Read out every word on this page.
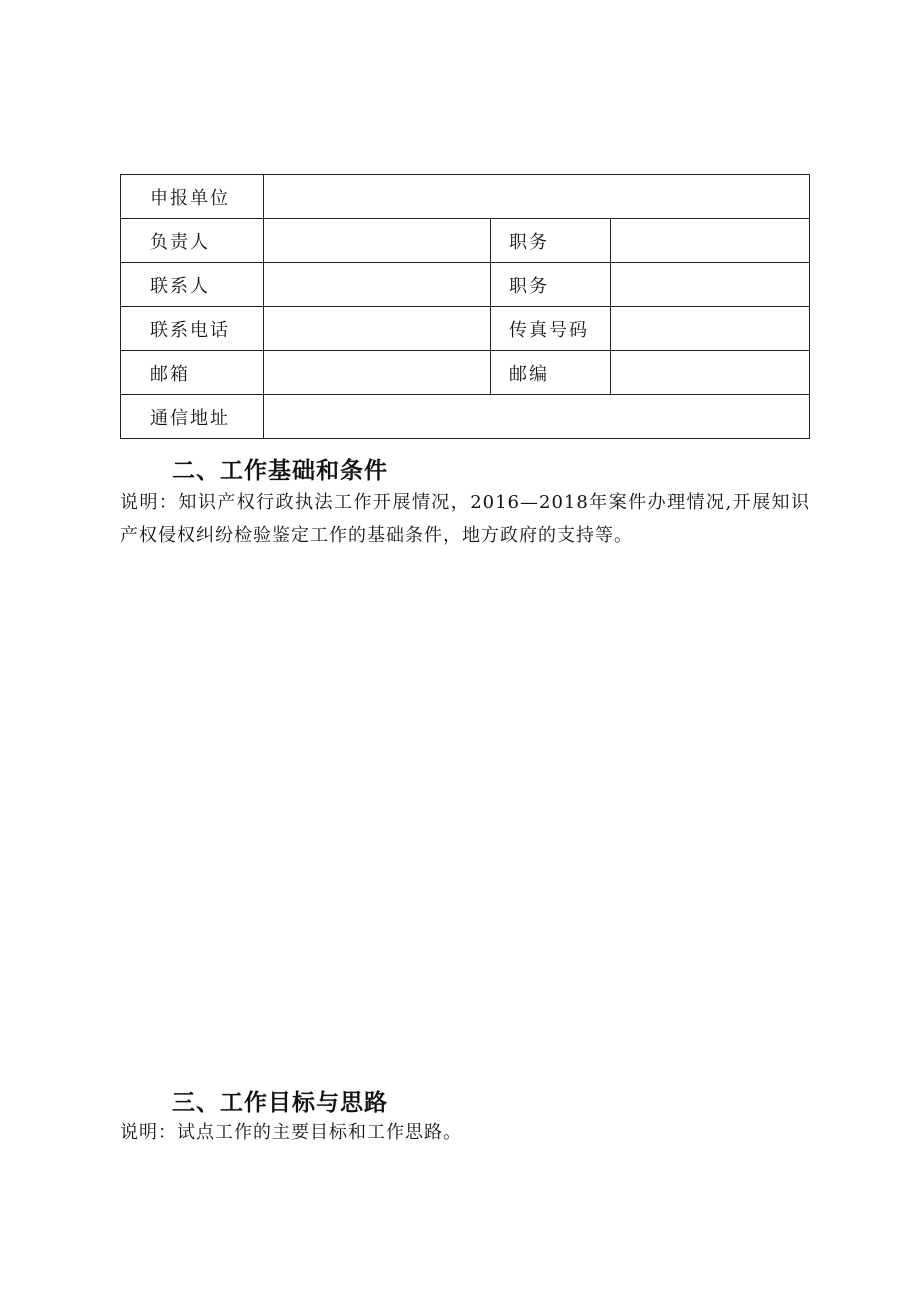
申报单位			
负责人		职务	
联系人		职务	
联系电话		传真号码	
邮箱		邮编	
通信地址			
二、工作基础和条件

说明：知识产权行政执法工作开展情况，2016—2018年案件办理情况,开展知识产权侵权纠纷检验鉴定工作的基础条件，地方政府的支持等。

三、工作目标与思路

说明：试点工作的主要目标和工作思路。
